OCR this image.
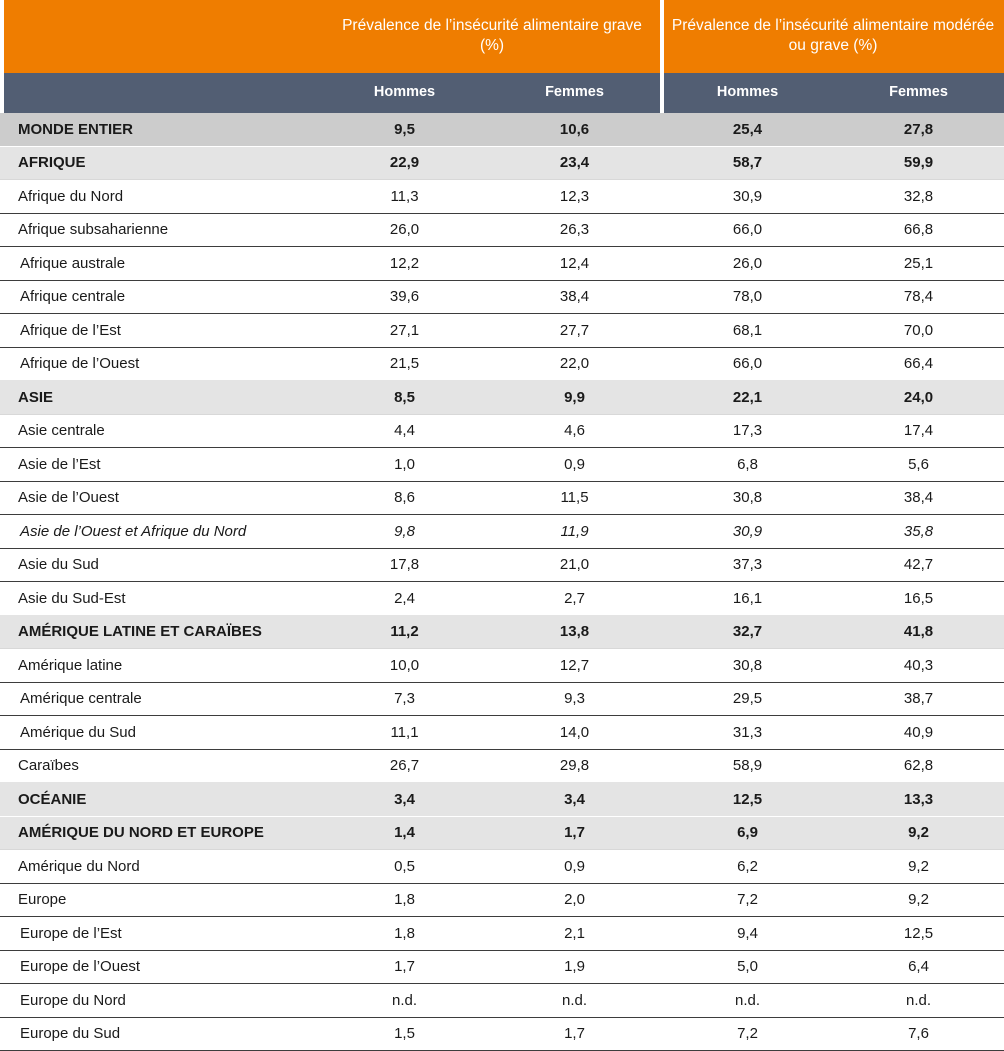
	Prévalence de l’insécurité alimentaire grave (%)		Prévalence de l’insécurité alimentaire modérée ou grave (%)	
	Hommes	Femmes	Hommes	Femmes
MONDE ENTIER	9,5	10,6	25,4	27,8
AFRIQUE	22,9	23,4	58,7	59,9
Afrique du Nord	11,3	12,3	30,9	32,8
Afrique subsaharienne	26,0	26,3	66,0	66,8
Afrique australe	12,2	12,4	26,0	25,1
Afrique centrale	39,6	38,4	78,0	78,4
Afrique de l’Est	27,1	27,7	68,1	70,0
Afrique de l’Ouest	21,5	22,0	66,0	66,4
ASIE	8,5	9,9	22,1	24,0
Asie centrale	4,4	4,6	17,3	17,4
Asie de l’Est	1,0	0,9	6,8	5,6
Asie de l’Ouest	8,6	11,5	30,8	38,4
Asie de l’Ouest et Afrique du Nord	9,8	11,9	30,9	35,8
Asie du Sud	17,8	21,0	37,3	42,7
Asie du Sud-Est	2,4	2,7	16,1	16,5
AMÉRIQUE LATINE ET CARAÏBES	11,2	13,8	32,7	41,8
Amérique latine	10,0	12,7	30,8	40,3
Amérique centrale	7,3	9,3	29,5	38,7
Amérique du Sud	11,1	14,0	31,3	40,9
Caraïbes	26,7	29,8	58,9	62,8
OCÉANIE	3,4	3,4	12,5	13,3
AMÉRIQUE DU NORD ET EUROPE	1,4	1,7	6,9	9,2
Amérique du Nord	0,5	0,9	6,2	9,2
Europe	1,8	2,0	7,2	9,2
Europe de l’Est	1,8	2,1	9,4	12,5
Europe de l’Ouest	1,7	1,9	5,0	6,4
Europe du Nord	n.d.	n.d.	n.d.	n.d.
Europe du Sud	1,5	1,7	7,2	7,6
